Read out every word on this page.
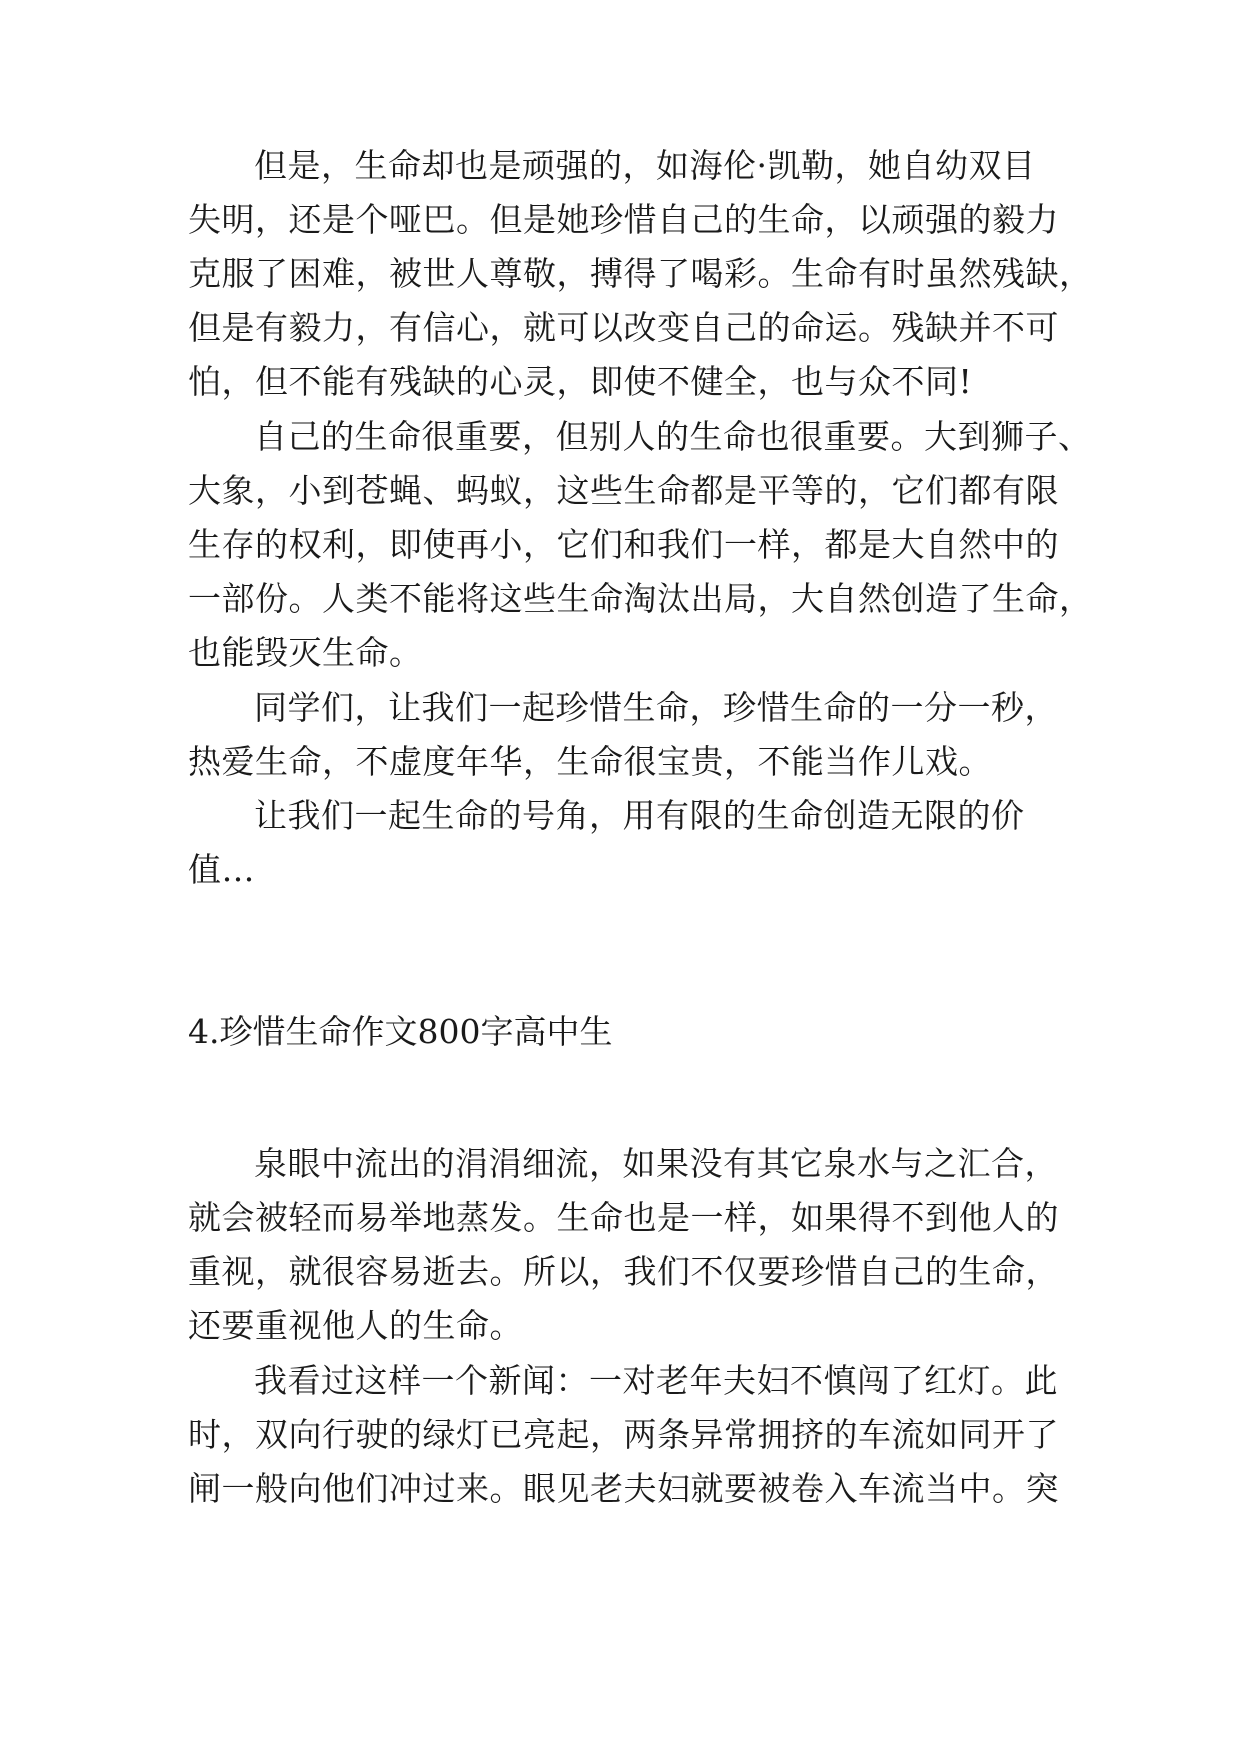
但是，生命却也是顽强的，如海伦·凯勒，她自幼双目
失明，还是个哑巴。但是她珍惜自己的生命，以顽强的毅力
克服了困难，被世人尊敬，搏得了喝彩。生命有时虽然残缺，
但是有毅力，有信心，就可以改变自己的命运。残缺并不可
怕，但不能有残缺的心灵，即使不健全，也与众不同!
自己的生命很重要，但别人的生命也很重要。大到狮子、
大象，小到苍蝇、蚂蚁，这些生命都是平等的，它们都有限
生存的权利，即使再小，它们和我们一样，都是大自然中的
一部份。人类不能将这些生命淘汰出局，大自然创造了生命，
也能毁灭生命。
同学们，让我们一起珍惜生命，珍惜生命的一分一秒，
热爱生命，不虚度年华，生命很宝贵，不能当作儿戏。
让我们一起生命的号角，用有限的生命创造无限的价
值…
4.珍惜生命作文800字高中生
泉眼中流出的涓涓细流，如果没有其它泉水与之汇合，
就会被轻而易举地蒸发。生命也是一样，如果得不到他人的
重视，就很容易逝去。所以，我们不仅要珍惜自己的生命，
还要重视他人的生命。
我看过这样一个新闻：一对老年夫妇不慎闯了红灯。此
时，双向行驶的绿灯已亮起，两条异常拥挤的车流如同开了
闸一般向他们冲过来。眼见老夫妇就要被卷入车流当中。突
